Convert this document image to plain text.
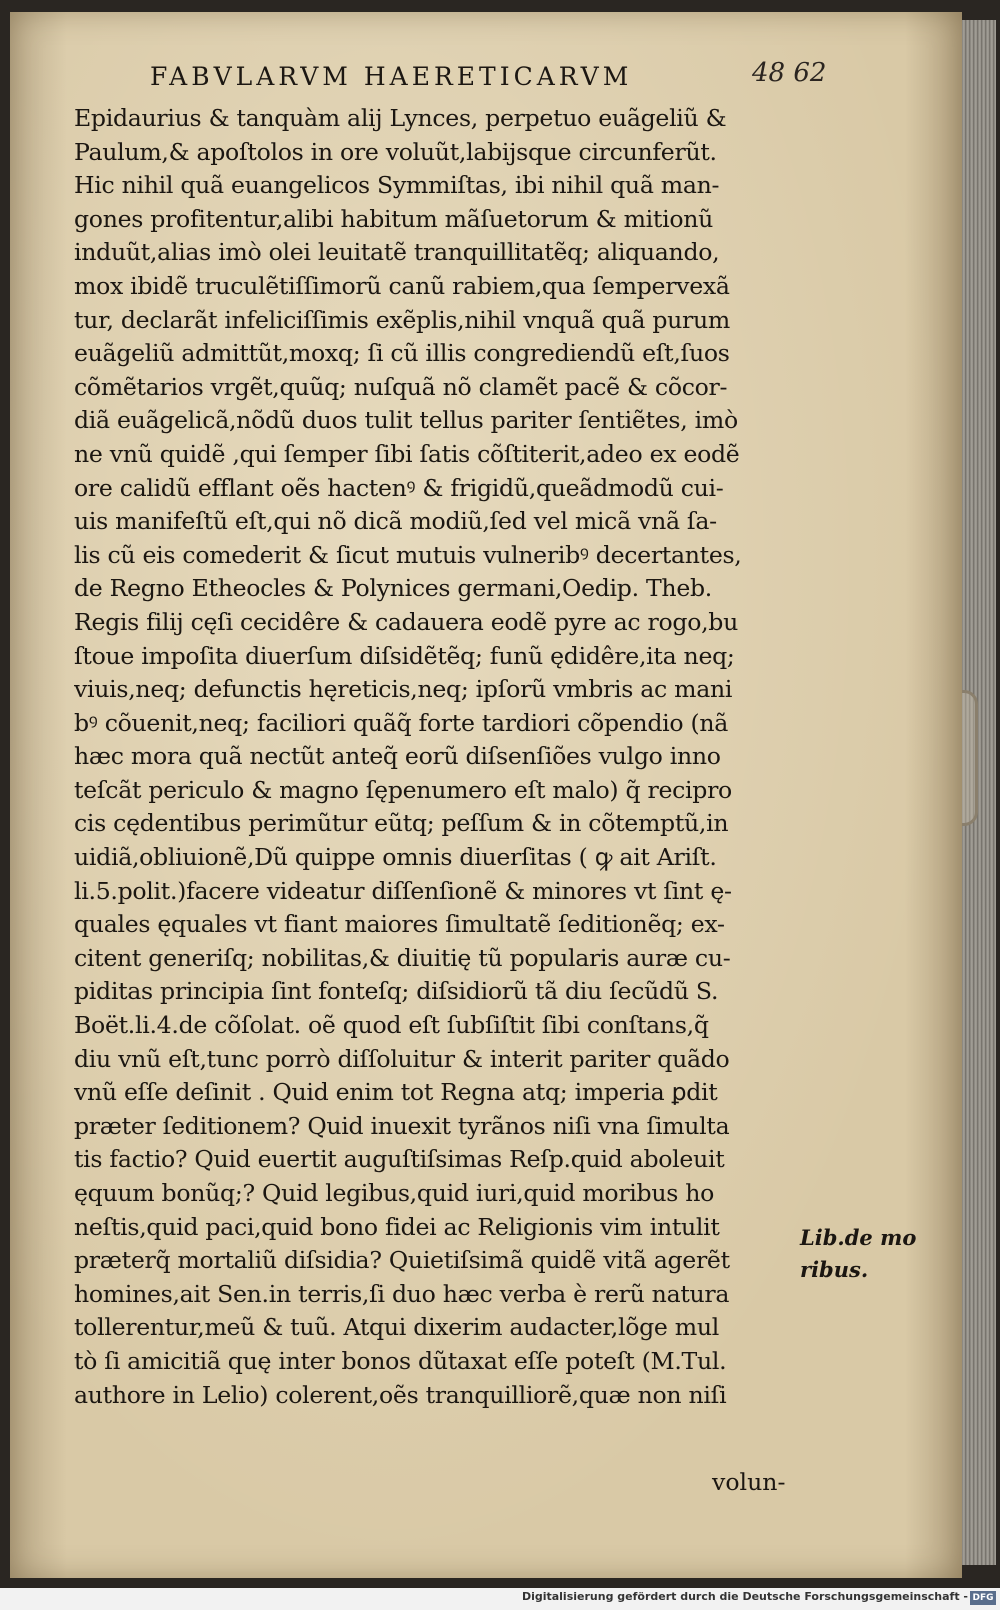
FABVLARVM HAERETICARVM	48 62
Epidaurius & tanquàm alij Lynces, perpetuo euãgeliũ &
Paulum,& apoſtolos in ore voluũt,labijsque circunferũt.
Hic nihil quã euangelicos Symmiſtas, ibi nihil quã man-
gones profitentur,alibi habitum mãſuetorum & mitionũ
induũt,alias imò olei leuitatẽ tranquillitatẽq; aliquando,
mox ibidẽ truculẽtiſſimorũ canũ rabiem,qua ſempervexã
tur, declarãt infeliciſſimis exẽplis,nihil vnquã quã purum
euãgeliũ admittũt,moxq; ſi cũ illis congrediendũ eſt,ſuos
cõmẽtarios vrgẽt,quũq; nuſquã nõ clamẽt pacẽ & cõcor-
diã euãgelicã,nõdũ duos tulit tellus pariter ſentiẽtes, imò
ne vnũ quidẽ ,qui ſemper ſibi ſatis cõſtiterit,adeo ex eodẽ
ore calidũ efflant oẽs hactenꝰ & frigidũ,queãdmodũ cui-
uis manifeſtũ eſt,qui nõ dicã modiũ,ſed vel micã vnã ſa-
lis cũ eis comederit & ſicut mutuis vulneribꝰ decertantes,
de Regno Etheocles & Polynices germani,Oedip. Theb.
Regis filij cęſi cecidêre & cadauera eodẽ pyre ac rogo,bu
ſtoue impoſita diuerſum diſsidẽtẽq; funũ ędidêre,ita neq;
viuis,neq; defunctis hęreticis,neq; ipſorũ vmbris ac mani
bꝰ cõuenit,neq; faciliori quãq̃ forte tardiori cõpendio (nã
hæc mora quã nectũt anteq̃ eorũ diſsenſiões vulgo inno
teſcãt periculo & magno ſępenumero eſt malo) q̃ recipro
cis cędentibus perimũtur eũtq; peſſum & in cõtemptũ,in
uidiã,obliuionẽ,Dũ quippe omnis diuerſitas ( ꝙ ait Ariſt.
li.5.polit.)facere videatur diſſenſionẽ & minores vt ſint ę-
quales ęquales vt fiant maiores ſimultatẽ ſeditionẽq; ex-
citent generiſq; nobilitas,& diuitię tũ popularis auræ cu-
piditas principia ſint fonteſq; diſsidiorũ tã diu ſecũdũ S.
Boët.li.4.de cõſolat. oẽ quod eſt ſubſiſtit ſibi conſtans,q̃
diu vnũ eſt,tunc porrò diſſoluitur & interit pariter quãdo
vnũ eſſe deſinit . Quid enim tot Regna atq; imperia ꝑdit
præter ſeditionem? Quid inuexit tyrãnos niſi vna ſimulta
tis factio? Quid euertit auguſtiſsimas Reſp.quid aboleuit
ęquum bonũq;? Quid legibus,quid iuri,quid moribus ho
neſtis,quid paci,quid bono fidei ac Religionis vim intulit
præterq̃ mortaliũ diſsidia? Quietiſsimã quidẽ vitã agerẽt
homines,ait Sen.in terris,ſi duo hæc verba è rerũ natura
tollerentur,meũ & tuũ. Atqui dixerim audacter,lõge mul
tò ſi amicitiã quę inter bonos dũtaxat eſſe poteſt (M.Tul.
authore in Lelio) colerent,oẽs tranquilliorẽ,quæ non niſi
Lib.de mo
ribus.
volun-
Digitalisierung gefördert durch die Deutsche Forschungsgemeinschaft - DFG
